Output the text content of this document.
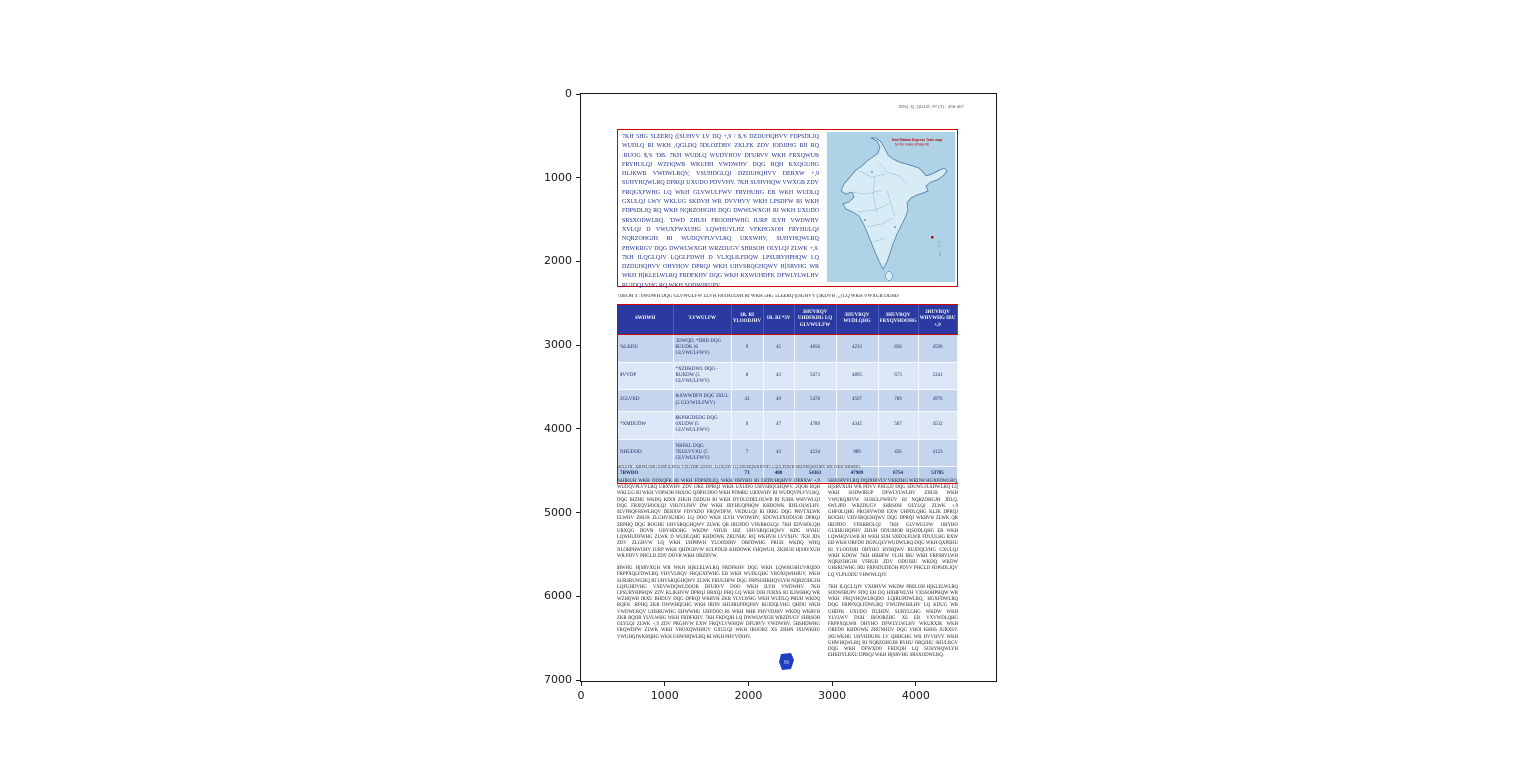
0
1000
2000
3000
4000
5000
6000
7000
0	1000	2000	3000	4000
0DQ ,Q ,QGLD, 97 (5) : 456-467
7KH 5HG 5LEERQ ([SUHVV LV DQ +,9 / $,'6 DZDUHQHVV FDPSDLJQ WUDLQ RI WKH ,QGLDQ 5DLOZDBV ZKLFK ZDV IODJJHG RII RQ :RUOG $,'6 'DB. 7KH WUDLQ WUDYHOV DFURVV WKH FRXQWUB FRYHULQJ WZHQWB WKUHH VWDWHV DQG RQH KXQGUHG HLJKWB VWDWLRQV, VSUHDGLQJ DZDUHQHVV DERXW +,9 SUHYHQWLRQ DPRQJ UXUDO PDVVHV. 7KH SUHVHQW VWXGB ZDV FRQGXFWHG LQ WKH GLVWULFWV FRYHUHG EB WKH WUDLQ GXULQJ LWV WKLUG SKDVH WR DVVHVV WKH LPSDFW RI WKH FDPSDLJQ RQ WKH NQRZOHGJH DQG DWWLWXGH RI WKH UXUDO SRSXODWLRQ. 'DWD ZHUH FROOHFWHG IURP ILYH VWDWHV XVLQJ D VWUXFWXUHG LQWHUYLHZ VFKHGXOH FRYHULQJ NQRZOHGJH RI WUDQVPLVVLRQ URXWHV, SUHYHQWLRQ PHWKRGV DQG DWWLWXGH WRZDUGV SHRSOH OLYLQJ ZLWK +,9. 7KH ILQGLQJV LQGLFDWH D VLJQLILFDQW LPSURYHPHQW LQ DZDUHQHVV OHYHOV DPRQJ WKH UHVSRQGHQWV H[SRVHG WR WKH H[KLELWLRQ FRDFKHV DQG WKH RXWUHDFK DFWLYLWLHV RUJDQLVHG RQ WKH SODWIRUPV.
Red Ribbon Express Train map
for the routes (Phase III)
7DEOH 4 : 6WDWH DQG GLVWULFW ZLVH FRYHUDJH RI WKH 5HG 5LEERQ ([SUHVV (3KDVH ,,,) LQ WKH VWXGB DUHD
6WDWH	'LVWULFW	1R. RI YLOODJHV	1R. RI *3V	3HUVRQV UHDFKHG LQ GLVWULFW	3HUVRQV WUDLQHG	3HUVRQV FRXQVHOOHG	3HUVRQV WHVWHG IRU +,9
%LKDU	3DWQD, *DBD DQG $UUDK (6 GLVWULFWV)	9	45	4856	4233	856	4590
$VVDP	*XZDKDWL DQG -RUKDW (5 GLVWULFWV)	8	43	5673	4895	673	5341
2GLVKD	&XWWDFN DQG 3XUL (5 GLVWULFWV)	43	49	5478	4567	789	4976
*XMDUDW	$KPHGDEDG DQG 6XUDW (5 GLVWULFWV)	9	47	4789	4345	567	4532
NHUDOD	NRFKL DQG 7KULVVXU (5 GLVWULFWV)	7	43	4234	989	456	4123
7RWDO		73	488	54363	47989	6754	53785
6RXUFH : &RPSLOHG IURP ILHOG VXUYHB GDWD ; ILJXUHV LQ SDUHQWKHVHV LQGLFDWH SHUFHQWDJHV WR WKH WRWDO.

%HIRUH WKH ODXQFK RI WKH FDPSDLJQ, WKH OHYHO RI DZDUHQHVV DERXW +,9 WUDQVPLVVLRQ URXWHV ZDV ORZ DPRQJ WKH UXUDO UHVSRQGHQWV. 2QOB RQH WKLUG RI WKH VDPSOH FRXOG QDPH DOO WKH PDMRU URXWHV RI WUDQVPLVVLRQ, DQG IHZHU WKDQ KDOI ZHUH DZDUH RI WKH DYDLODELOLWB RI IUHH WHVWLQJ DQG FRXQVHOOLQJ VHUYLFHV DW WKH JRYHUQPHQW KHDOWK IDFLOLWLHV. 0LVFRQFHSWLRQV DERXW FDVXDO FRQWDFW, VKDULQJ RI IRRG DQG PRVTXLWR ELWHV ZHUH ZLGHVSUHDG LQ DOO WKH ILYH VWDWHV, SDUWLFXODUOB DPRQJ ZRPHQ DQG ROGHU UHVSRQGHQWV ZLWK QR IRUPDO VFKRROLQJ. 7KH EDVHOLQH URXQG DOVR UHYHDOHG WKDW YHUB IHZ UHVSRQGHQWV KDG HYHU LQWHUDFWHG ZLWK D WUDLQHG KHDOWK ZRUNHU RQ WKHVH LVVXHV. 7KH JDS ZDV ZLGHVW LQ WKH UHPRWH YLOODJHV ORFDWHG PRUH WKDQ WHQ NLORPHWUHV IURP WKH QHDUHVW SULPDUB KHDOWK FHQWUH, ZKHUH H[SRVXUH WR PDVV PHGLD ZDV DOVR WKH ORZHVW.

$IWHU H[SRVXUH WR WKH H[KLELWLRQ FRDFKHV DQG WKH LQWHUSHUVRQDO FRPPXQLFDWLRQ VHVVLRQV FRQGXFWHG EB WKH WUDLQHG YROXQWHHUV, WKH SURSRUWLRQ RI UHVSRQGHQWV ZLWK FRUUHFW DQG FRPSUHKHQVLYH NQRZOHGJH LQFUHDVHG VXEVWDQWLDOOB DFURVV DOO WKH ILYH VWDWHV. 7KH LPSURYHPHQW ZDV KLJKHVW DPRQJ BRXQJ PHQ LQ WKH DJH JURXS RI ILIWHHQ WR WZHQWB IRXU BHDUV DQG DPRQJ WKRVH ZKR YLVLWHG WKH WUDLQ PRUH WKDQ RQFH. :RPHQ ZKR DWWHQGHG WKH IRON SHUIRUPDQFHV RUJDQLVHG QHDU WKH VWDWLRQV UHSRUWHG EHWWHU UHFDOO RI WKH NHB PHVVDJHV WKDQ WKRVH ZKR RQOB YLVLWHG WKH FRDFKHV. 7KH FKDQJH LQ DWWLWXGH WRZDUGV SHRSOH OLYLQJ ZLWK +,9 ZDV PRGHVW EXW FRQVLVWHQW DFURVV VWDWHV. 5HSHDWHG FRQWDFW ZLWK WKH YROXQWHHUV GXULQJ WKH IROORZ XS ZHHN IXUWKHU VWUHQJWKHQHG WKH UHWHQWLRQ RI WKH PHVVDJHV.

5HJUHVVLRQ DQDOBVLV VKRZHG WKDW HGXFDWLRQ, H[SRVXUH WR PDVV PHGLD DQG SDUWLFLSDWLRQ LQ WKH SODWIRUP DFWLYLWLHV ZHUH WKH VWURQJHVW SUHGLFWRUV RI NQRZOHGJH JDLQ. 6WLJPD WRZDUGV SHRSOH OLYLQJ ZLWK +,9 GHFOLQHG PRGHVWOB EXW UHPDLQHG KLJK DPRQJ ROGHU UHVSRQGHQWV DQG DPRQJ WKRVH ZLWK QR IRUPDO VFKRROLQJ. 7KH GLVWULFW OHYHO GLIIHUHQFHV ZHUH ODUJHOB H[SODLQHG EB WKH LQWHQVLWB RI WKH SUH SXEOLFLWB FDUULHG RXW EB WKH ORFDO DGPLQLVWUDWLRQ DQG WKH QXPEHU RI YLOODJH OHYHO HYHQWV RUJDQLVHG GXULQJ WKH KDOW. 7KH HIIHFW VLJH IRU WKH FRPSRVLWH NQRZOHGJH VFRUH ZDV ODUJHU WKDQ WKDW UHSRUWHG IRU FRPSDUDEOH PDVV PHGLD FDPSDLJQV LQ VLPLODU VHWWLQJV.

7KH ILQGLQJV VXJJHVW WKDW PRELOH H[KLELWLRQ SODWIRUPV FDQ EH DQ HIIHFWLYH VXSSOHPHQW WR WKH FRQYHQWLRQDO LQIRUPDWLRQ, HGXFDWLRQ DQG FRPPXQLFDWLRQ VWUDWHJLHV LQ KDUG WR UHDFK UXUDO DUHDV, SURYLGHG WKDW WKH YLVLWV DUH IROORZHG XS EB VXVWDLQHG FRPPXQLWB OHYHO DFWLYLWLHV WKURXJK WKH ORFDO KHDOWK ZRUNHUV DQG VHOI KHOS JURXSV. )XUWKHU UHVHDUFK LV QHHGHG WR DVVHVV WKH UHWHQWLRQ RI NQRZOHGJH RYHU ORQJHU SHULRGV DQG WKH DFWXDO FKDQJH LQ SUHYHQWLYH EHKDYLRXU DPRQJ WKH H[SRVHG SRSXODWLRQ.

56
